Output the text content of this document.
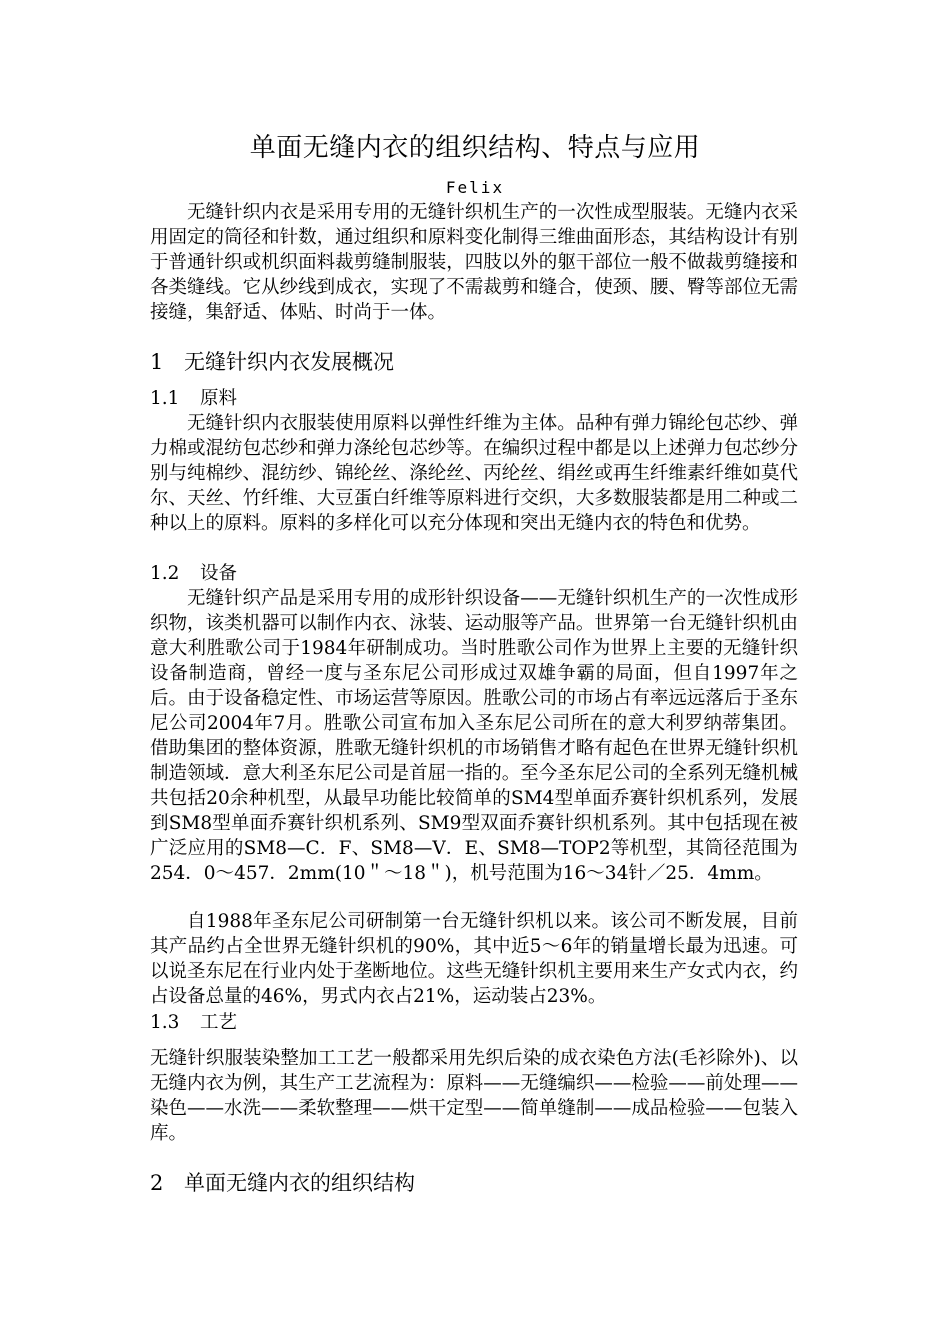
单面无缝内衣的组织结构、特点与应用
Felix
无缝针织内衣是采用专用的无缝针织机生产的一次性成型服装。无缝内衣采用固定的筒径和针数，通过组织和原料变化制得三维曲面形态，其结构设计有别于普通针织或机织面料裁剪缝制服装，四肢以外的躯干部位一般不做裁剪缝接和各类缝线。它从纱线到成衣，实现了不需裁剪和缝合，使颈、腰、臀等部位无需接缝，集舒适、体贴、时尚于一体。
1 无缝针织内衣发展概况
1.1 原料
无缝针织内衣服装使用原料以弹性纤维为主体。品种有弹力锦纶包芯纱、弹力棉或混纺包芯纱和弹力涤纶包芯纱等。在编织过程中都是以上述弹力包芯纱分别与纯棉纱、混纺纱、锦纶丝、涤纶丝、丙纶丝、绢丝或再生纤维素纤维如莫代尔、天丝、竹纤维、大豆蛋白纤维等原料进行交织，大多数服装都是用二种或二种以上的原料。原料的多样化可以充分体现和突出无缝内衣的特色和优势。
1.2 设备
无缝针织产品是采用专用的成形针织设备——无缝针织机生产的一次性成形织物，该类机器可以制作内衣、泳装、运动服等产品。世界第一台无缝针织机由意大利胜歌公司于1984年研制成功。当时胜歌公司作为世界上主要的无缝针织设备制造商，曾经一度与圣东尼公司形成过双雄争霸的局面，但自1997年之后。由于设备稳定性、市场运营等原因。胜歌公司的市场占有率远远落后于圣东尼公司2004年7月。胜歌公司宣布加入圣东尼公司所在的意大利罗纳蒂集团。借助集团的整体资源，胜歌无缝针织机的市场销售才略有起色在世界无缝针织机制造领域．意大利圣东尼公司是首屈一指的。至今圣东尼公司的全系列无缝机械共包括20余种机型，从最早功能比较简单的SM4型单面乔赛针织机系列，发展到SM8型单面乔赛针织机系列、SM9型双面乔赛针织机系列。其中包括现在被广泛应用的SM8—C．F、SM8—V．E、SM8—TOP2等机型，其筒径范围为254．0～457．2mm(10＂～18＂)，机号范围为16～34针／25．4mm。
自1988年圣东尼公司研制第一台无缝针织机以来。该公司不断发展，目前其产品约占全世界无缝针织机的90%，其中近5～6年的销量增长最为迅速。可以说圣东尼在行业内处于垄断地位。这些无缝针织机主要用来生产女式内衣，约占设备总量的46%，男式内衣占21%，运动装占23%。
1.3 工艺
无缝针织服装染整加工工艺一般都采用先织后染的成衣染色方法(毛衫除外)、以无缝内衣为例，其生产工艺流程为：原料——无缝编织——检验——前处理——染色——水洗——柔软整理——烘干定型——简单缝制——成品检验——包装入库。
2 单面无缝内衣的组织结构
